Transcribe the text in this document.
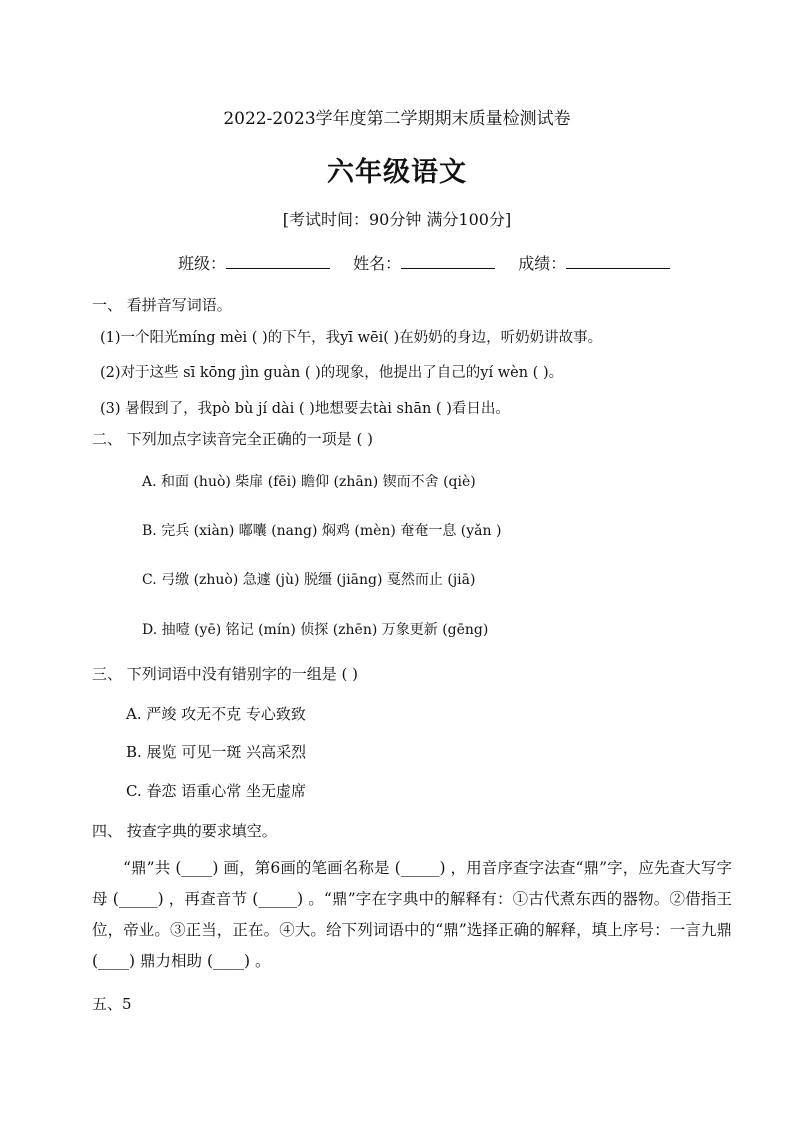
2022-2023学年度第二学期期末质量检测试卷
六年级语文
[考试时间：90分钟 满分100分]
班级：	姓名：	成绩：
一、 看拼音写词语。
(1)一个阳光míng mèi ( )的下午，我yī wēi( )在奶奶的身边，听奶奶讲故事。
(2)对于这些 sī kōng jìn guàn ( )的现象，他提出了自己的yí wèn ( )。
(3) 暑假到了，我pò bù jí dài ( )地想要去tài shān ( )看日出。
二、 下列加点字读音完全正确的一项是 ( )
A. 和面 (huò) 柴扉 (fēi) 瞻仰 (zhān) 锲而不舍 (qiè)
B. 完兵 (xiàn) 嘟囔 (nang) 焖鸡 (mèn) 奄奄一息 (yǎn )
C. 弓缴 (zhuò) 急遽 (jù) 脱缰 (jiāng) 戛然而止 (jiā)
D. 抽噎 (yē) 铭记 (mín) 侦探 (zhēn) 万象更新 (gēng)
三、 下列词语中没有错别字的一组是 ( )
A. 严竣 攻无不克 专心致致
B. 展览 可见一斑 兴高采烈
C. 眷恋 语重心常 坐无虚席
四、 按查字典的要求填空。
“鼎”共 (____) 画，第6画的笔画名称是 (_____) ，用音序查字法查“鼎”字，应先查大写字母 (_____) ，再查音节 (_____) 。“鼎”字在字典中的解释有：①古代煮东西的器物。②借指王位，帝业。③正当，正在。④大。给下列词语中的“鼎”选择正确的解释，填上序号：一言九鼎 (____) 鼎力相助 (____) 。
五、5
